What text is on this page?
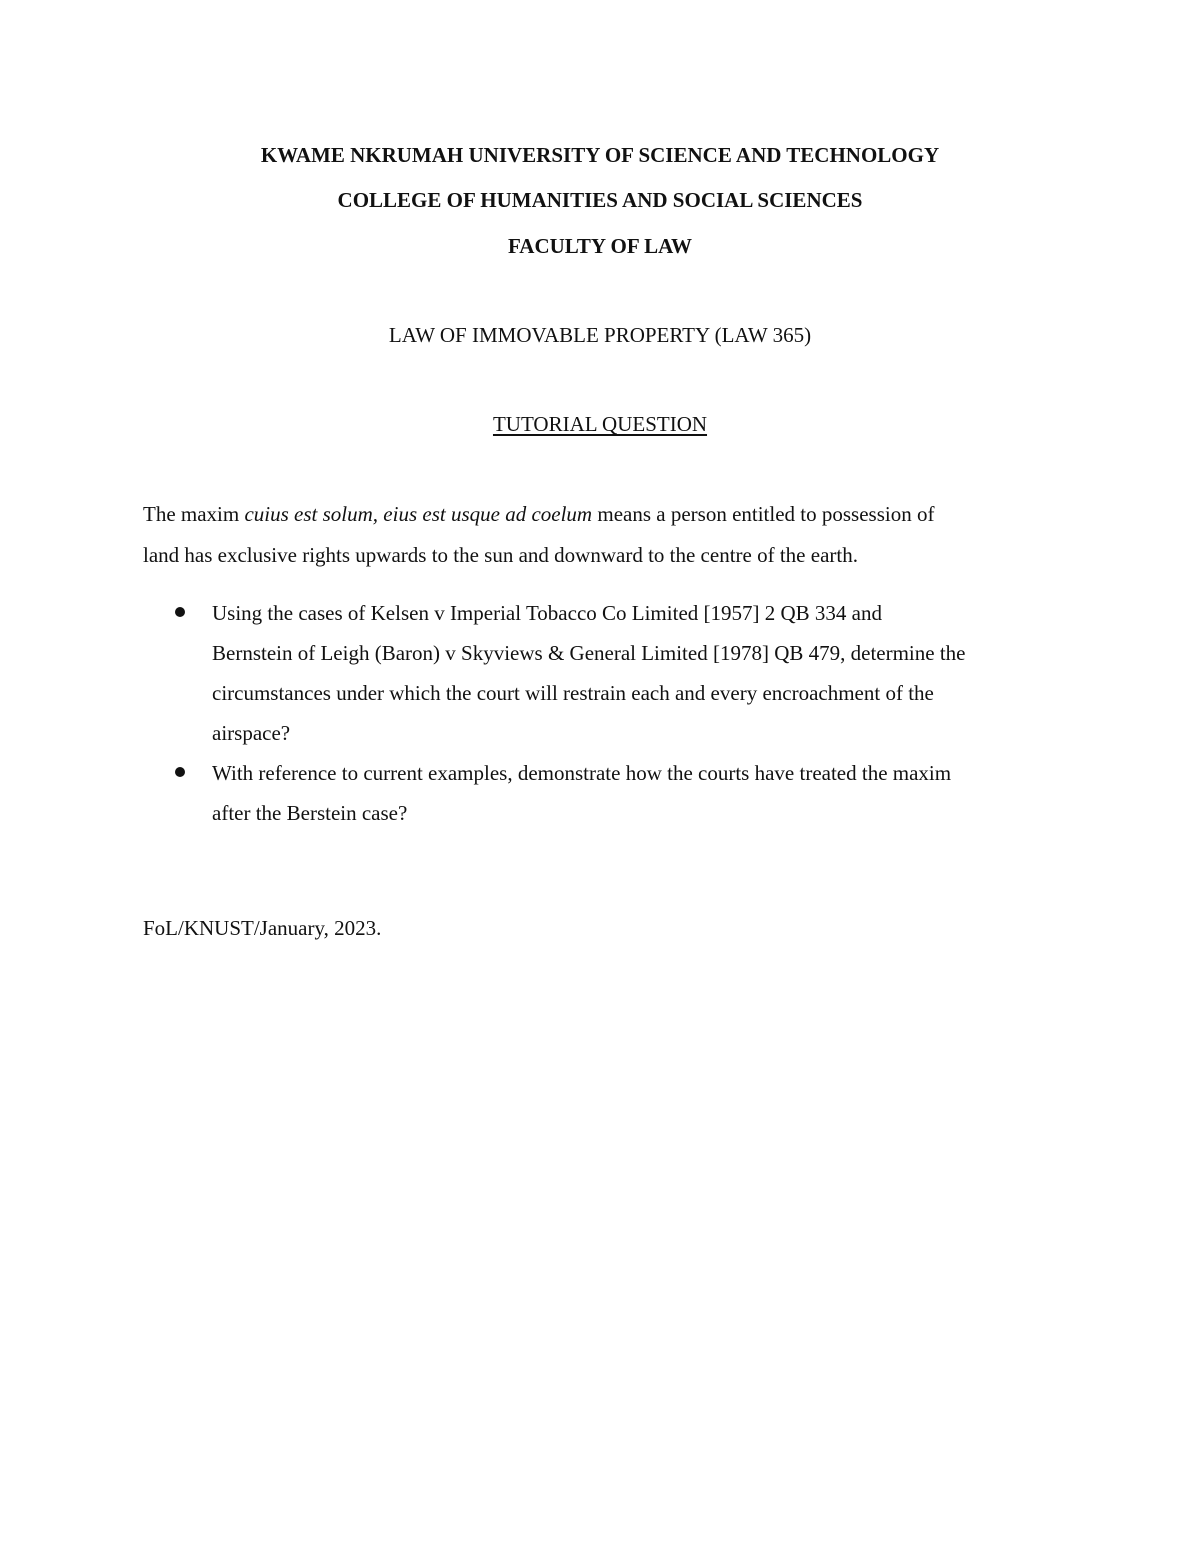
KWAME NKRUMAH UNIVERSITY OF SCIENCE AND TECHNOLOGY
COLLEGE OF HUMANITIES AND SOCIAL SCIENCES
FACULTY OF LAW
LAW OF IMMOVABLE PROPERTY (LAW 365)
TUTORIAL QUESTION
The maxim cuius est solum, eius est usque ad coelum means a person entitled to possession of
land has exclusive rights upwards to the sun and downward to the centre of the earth.
Using the cases of Kelsen v Imperial Tobacco Co Limited [1957] 2 QB 334 and
Bernstein of Leigh (Baron) v Skyviews & General Limited [1978] QB 479, determine the
circumstances under which the court will restrain each and every encroachment of the
airspace?
With reference to current examples, demonstrate how the courts have treated the maxim
after the Berstein case?
FoL/KNUST/January, 2023.
